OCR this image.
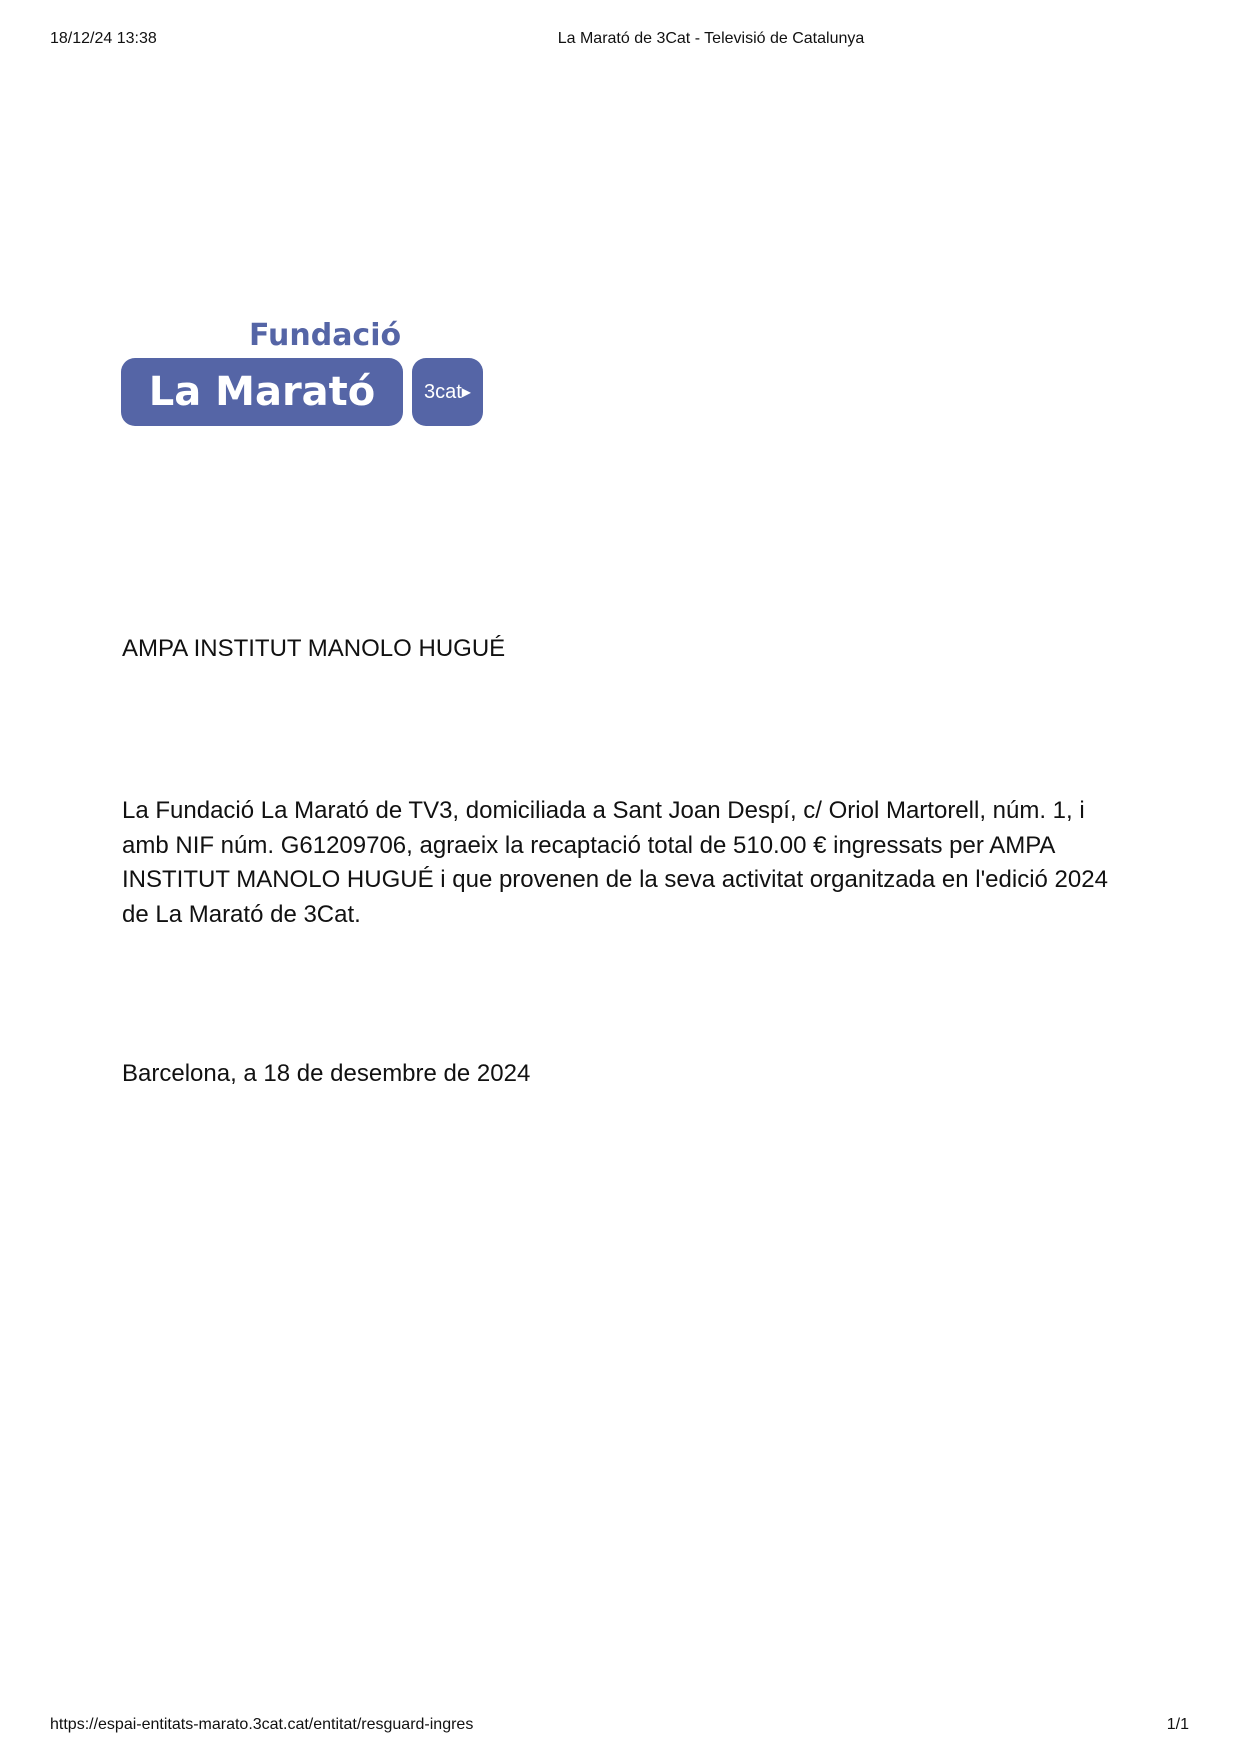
18/12/24 13:38	La Marató de 3Cat - Televisió de Catalunya
Fundació
La Marató	3cat ▶
AMPA INSTITUT MANOLO HUGUÉ
La Fundació La Marató de TV3, domiciliada a Sant Joan Despí, c/ Oriol Martorell, núm. 1, i amb NIF núm. G61209706, agraeix la recaptació total de 510.00 € ingressats per AMPA INSTITUT MANOLO HUGUÉ i que provenen de la seva activitat organitzada en l'edició 2024 de La Marató de 3Cat.
Barcelona, a 18 de desembre de 2024
https://espai-entitats-marato.3cat.cat/entitat/resguard-ingres	1/1
